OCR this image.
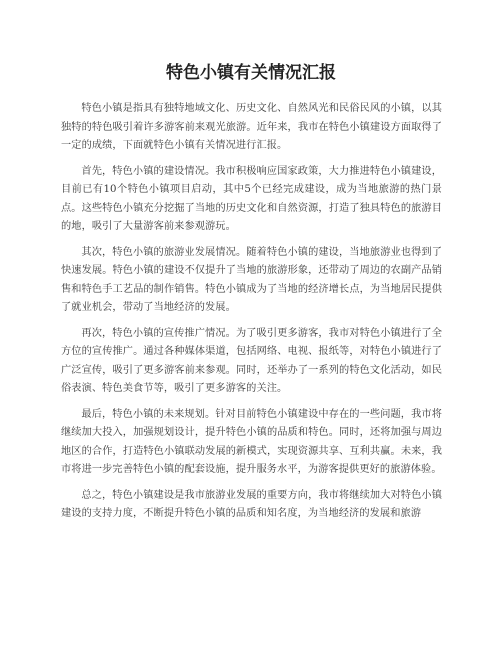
特色小镇有关情况汇报

特色小镇是指具有独特地域文化、历史文化、自然风光和民俗民风的小镇，以其独特的特色吸引着许多游客前来观光旅游。近年来，我市在特色小镇建设方面取得了一定的成绩，下面就特色小镇有关情况进行汇报。

首先，特色小镇的建设情况。我市积极响应国家政策，大力推进特色小镇建设，目前已有10个特色小镇项目启动，其中5个已经完成建设，成为当地旅游的热门景点。这些特色小镇充分挖掘了当地的历史文化和自然资源，打造了独具特色的旅游目的地，吸引了大量游客前来参观游玩。

其次，特色小镇的旅游业发展情况。随着特色小镇的建设，当地旅游业也得到了快速发展。特色小镇的建设不仅提升了当地的旅游形象，还带动了周边的农副产品销售和特色手工艺品的制作销售。特色小镇成为了当地的经济增长点，为当地居民提供了就业机会，带动了当地经济的发展。

再次，特色小镇的宣传推广情况。为了吸引更多游客，我市对特色小镇进行了全方位的宣传推广。通过各种媒体渠道，包括网络、电视、报纸等，对特色小镇进行了广泛宣传，吸引了更多游客前来参观。同时，还举办了一系列的特色文化活动，如民俗表演、特色美食节等，吸引了更多游客的关注。

最后，特色小镇的未来规划。针对目前特色小镇建设中存在的一些问题，我市将继续加大投入，加强规划设计，提升特色小镇的品质和特色。同时，还将加强与周边地区的合作，打造特色小镇联动发展的新模式，实现资源共享、互利共赢。未来，我市将进一步完善特色小镇的配套设施，提升服务水平，为游客提供更好的旅游体验。

总之，特色小镇建设是我市旅游业发展的重要方向，我市将继续加大对特色小镇建设的支持力度，不断提升特色小镇的品质和知名度，为当地经济的发展和旅游
